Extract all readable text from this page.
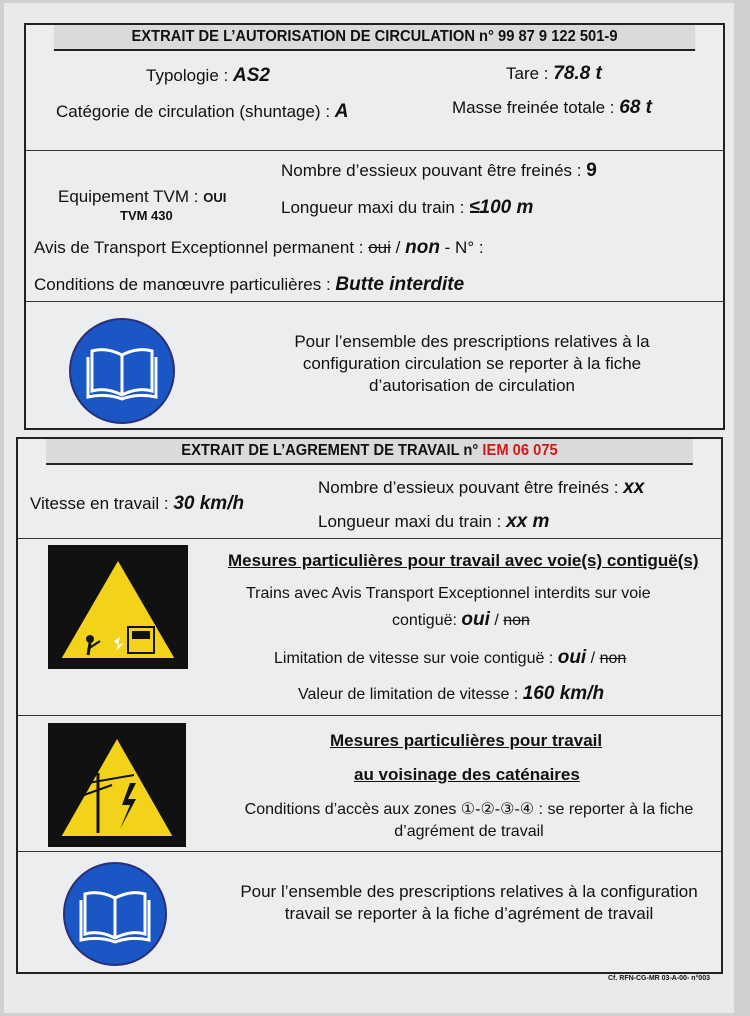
EXTRAIT DE L’AUTORISATION DE CIRCULATION n° 99 87 9 122 501-9
Typologie : AS2	Tare : 78.8 t
Catégorie de circulation (shuntage) : A	Masse freinée totale : 68 t
Nombre d’essieux pouvant être freinés : 9
Equipement TVM : OUI
TVM 430	Longueur maxi du train : ≤100 m
Avis de Transport Exceptionnel permanent : oui / non - N° :
Conditions de manœuvre particulières : Butte interdite
Pour l’ensemble des prescriptions relatives à la configuration circulation se reporter à la fiche d’autorisation de circulation
EXTRAIT DE L’AGREMENT DE TRAVAIL n° IEM 06 075
Vitesse en travail : 30 km/h
Nombre d’essieux pouvant être freinés : xx
Longueur maxi du train : xx m
Mesures particulières pour travail avec voie(s) contiguë(s)
Trains avec Avis Transport Exceptionnel interdits sur voie
contiguë: oui / non
Limitation de vitesse sur voie contiguë : oui / non
Valeur de limitation de vitesse : 160 km/h
Mesures particulières pour travail
au voisinage des caténaires
Conditions d’accès aux zones ①-②-③-④ : se reporter à la fiche d’agrément de travail
Pour l’ensemble des prescriptions relatives à la configuration travail se reporter à la fiche d’agrément de travail
Cf. RFN-CG-MR 03-A-00- n°003
